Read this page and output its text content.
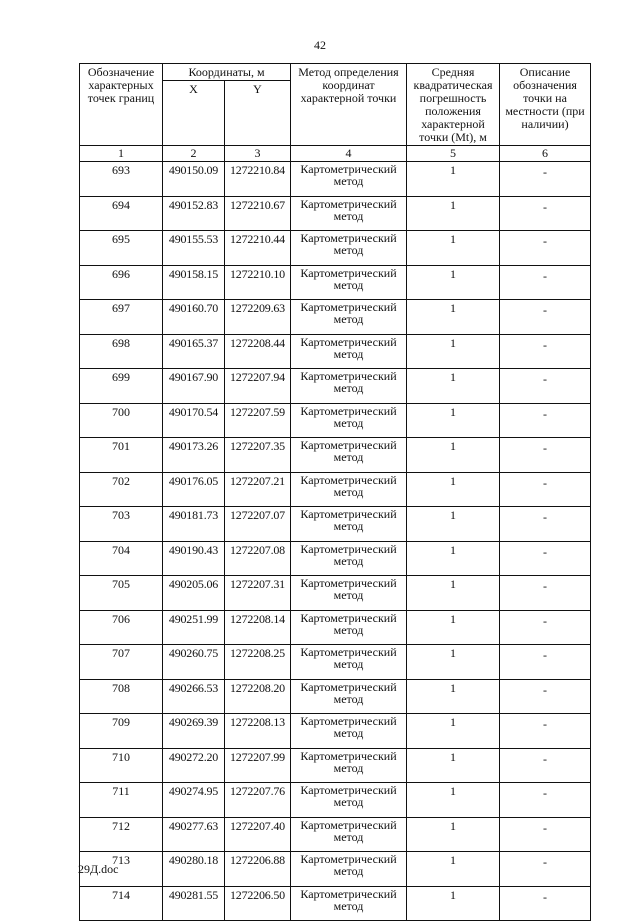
42
Обозначение характерных точек границ	Координаты, м		Метод определения координат характерной точки	Средняя квадратическая погрешность положения характерной точки (Mt), м	Описание обозначения точки на местности (при наличии)
	X	Y			
1	2	3	4	5	6
693	490150.09	1272210.84	Картометрический метод	1	-
694	490152.83	1272210.67	Картометрический метод	1	-
695	490155.53	1272210.44	Картометрический метод	1	-
696	490158.15	1272210.10	Картометрический метод	1	-
697	490160.70	1272209.63	Картометрический метод	1	-
698	490165.37	1272208.44	Картометрический метод	1	-
699	490167.90	1272207.94	Картометрический метод	1	-
700	490170.54	1272207.59	Картометрический метод	1	-
701	490173.26	1272207.35	Картометрический метод	1	-
702	490176.05	1272207.21	Картометрический метод	1	-
703	490181.73	1272207.07	Картометрический метод	1	-
704	490190.43	1272207.08	Картометрический метод	1	-
705	490205.06	1272207.31	Картометрический метод	1	-
706	490251.99	1272208.14	Картометрический метод	1	-
707	490260.75	1272208.25	Картометрический метод	1	-
708	490266.53	1272208.20	Картометрический метод	1	-
709	490269.39	1272208.13	Картометрический метод	1	-
710	490272.20	1272207.99	Картометрический метод	1	-
711	490274.95	1272207.76	Картометрический метод	1	-
712	490277.63	1272207.40	Картометрический метод	1	-
713	490280.18	1272206.88	Картометрический метод	1	-
714	490281.55	1272206.50	Картометрический метод	1	-
29Д.doc
